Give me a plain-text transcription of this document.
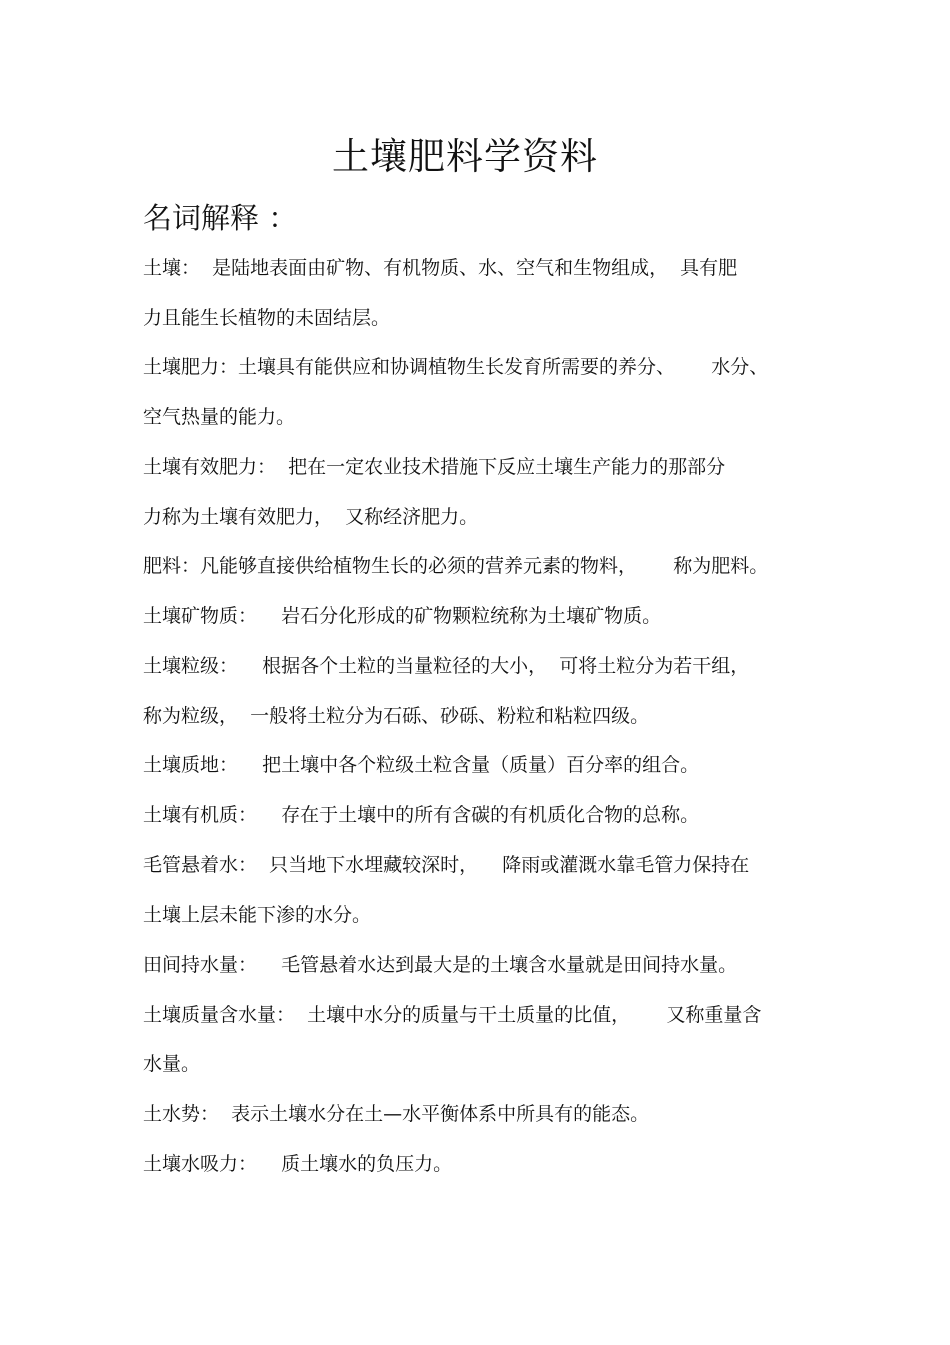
土壤肥料学资料
名词解释 ：

土壤：  是陆地表面由矿物、有机物质、水、空气和生物组成，  具有肥

力且能生长植物的未固结层。

土壤肥力：土壤具有能供应和协调植物生长发育所需要的养分、      水分、

空气热量的能力。

土壤有效肥力：  把在一定农业技术措施下反应土壤生产能力的那部分

力称为土壤有效肥力，  又称经济肥力。

肥料：凡能够直接供给植物生长的必须的营养元素的物料，      称为肥料。

土壤矿物质：    岩石分化形成的矿物颗粒统称为土壤矿物质。

土壤粒级：    根据各个土粒的当量粒径的大小，  可将土粒分为若干组，

称为粒级，  一般将土粒分为石砾、砂砾、粉粒和粘粒四级。

土壤质地：    把土壤中各个粒级土粒含量（质量）百分率的组合。

土壤有机质：    存在于土壤中的所有含碳的有机质化合物的总称。

毛管悬着水：  只当地下水埋藏较深时，    降雨或灌溉水靠毛管力保持在

土壤上层未能下渗的水分。

田间持水量：    毛管悬着水达到最大是的土壤含水量就是田间持水量。

土壤质量含水量：  土壤中水分的质量与干土质量的比值，      又称重量含

水量。

土水势：  表示土壤水分在土—水平衡体系中所具有的能态。

土壤水吸力：    质土壤水的负压力。
